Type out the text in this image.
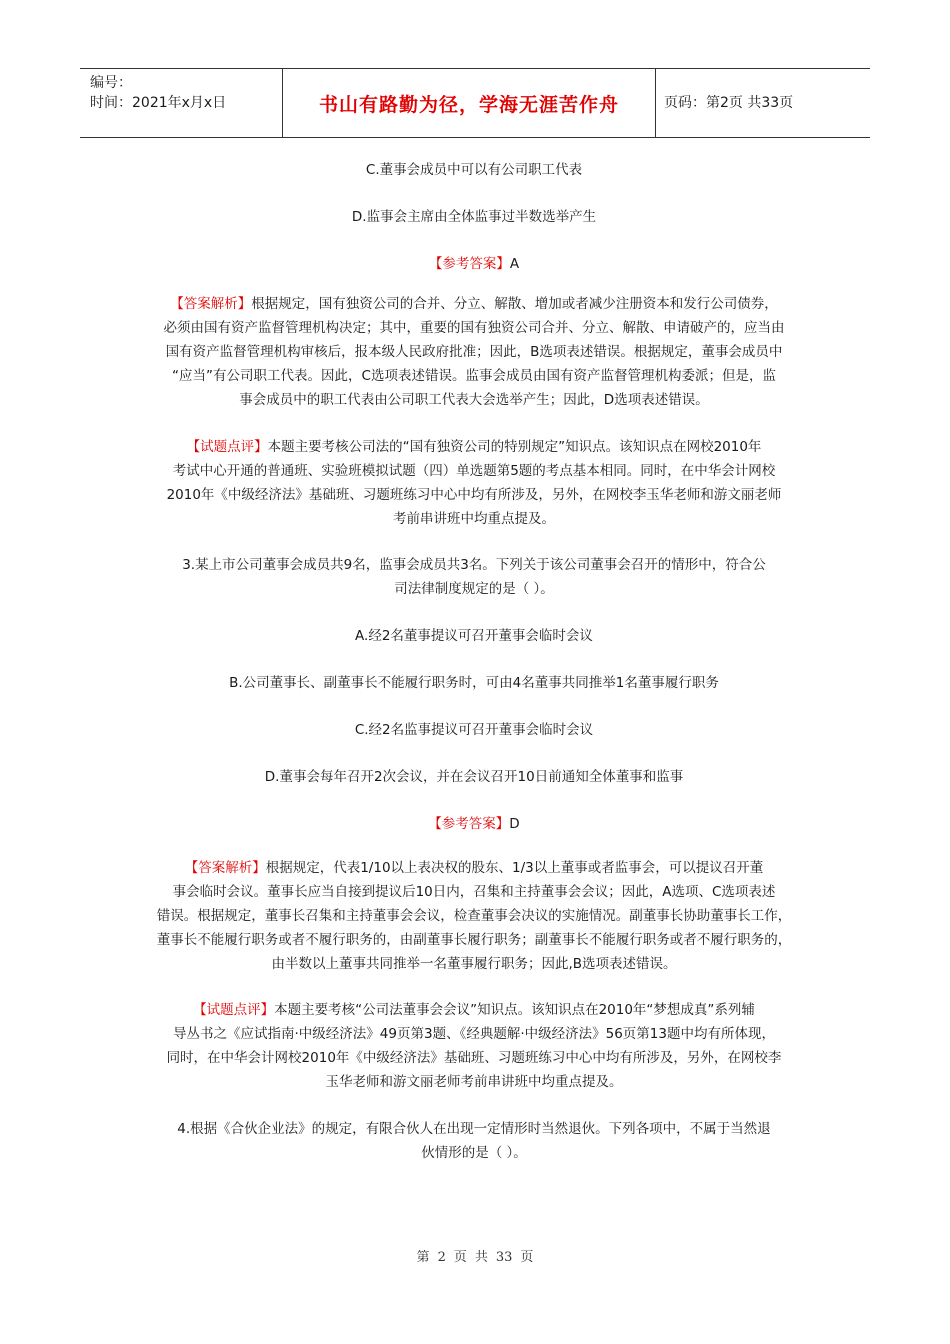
编号：
时间：2021年x月x日	书山有路勤为径，学海无涯苦作舟	页码：第2页 共33页
C.董事会成员中可以有公司职工代表
D.监事会主席由全体监事过半数选举产生
【参考答案】A
【答案解析】根据规定，国有独资公司的合并、分立、解散、增加或者减少注册资本和发行公司债券，
必须由国有资产监督管理机构决定；其中，重要的国有独资公司合并、分立、解散、申请破产的，应当由
国有资产监督管理机构审核后，报本级人民政府批准；因此，B选项表述错误。根据规定，董事会成员中
“应当”有公司职工代表。因此，C选项表述错误。监事会成员由国有资产监督管理机构委派；但是，监
事会成员中的职工代表由公司职工代表大会选举产生；因此，D选项表述错误。
【试题点评】本题主要考核公司法的“国有独资公司的特别规定”知识点。该知识点在网校2010年
考试中心开通的普通班、实验班模拟试题（四）单选题第5题的考点基本相同。同时，在中华会计网校
2010年《中级经济法》基础班、习题班练习中心中均有所涉及，另外，在网校李玉华老师和游文丽老师
考前串讲班中均重点提及。
3.某上市公司董事会成员共9名，监事会成员共3名。下列关于该公司董事会召开的情形中，符合公
司法律制度规定的是（ ）。
A.经2名董事提议可召开董事会临时会议
B.公司董事长、副董事长不能履行职务时，可由4名董事共同推举1名董事履行职务
C.经2名监事提议可召开董事会临时会议
D.董事会每年召开2次会议，并在会议召开10日前通知全体董事和监事
【参考答案】D
【答案解析】根据规定，代表1/10以上表决权的股东、1/3以上董事或者监事会，可以提议召开董
事会临时会议。董事长应当自接到提议后10日内，召集和主持董事会会议；因此，A选项、C选项表述
错误。根据规定，董事长召集和主持董事会会议，检查董事会决议的实施情况。副董事长协助董事长工作，
董事长不能履行职务或者不履行职务的，由副董事长履行职务；副董事长不能履行职务或者不履行职务的，
由半数以上董事共同推举一名董事履行职务；因此,B选项表述错误。
【试题点评】本题主要考核“公司法董事会会议”知识点。该知识点在2010年“梦想成真”系列辅
导丛书之《应试指南·中级经济法》49页第3题、《经典题解·中级经济法》56页第13题中均有所体现，
同时，在中华会计网校2010年《中级经济法》基础班、习题班练习中心中均有所涉及，另外，在网校李
玉华老师和游文丽老师考前串讲班中均重点提及。
4.根据《合伙企业法》的规定，有限合伙人在出现一定情形时当然退伙。下列各项中，不属于当然退
伙情形的是（ ）。
第 2 页 共 33 页
